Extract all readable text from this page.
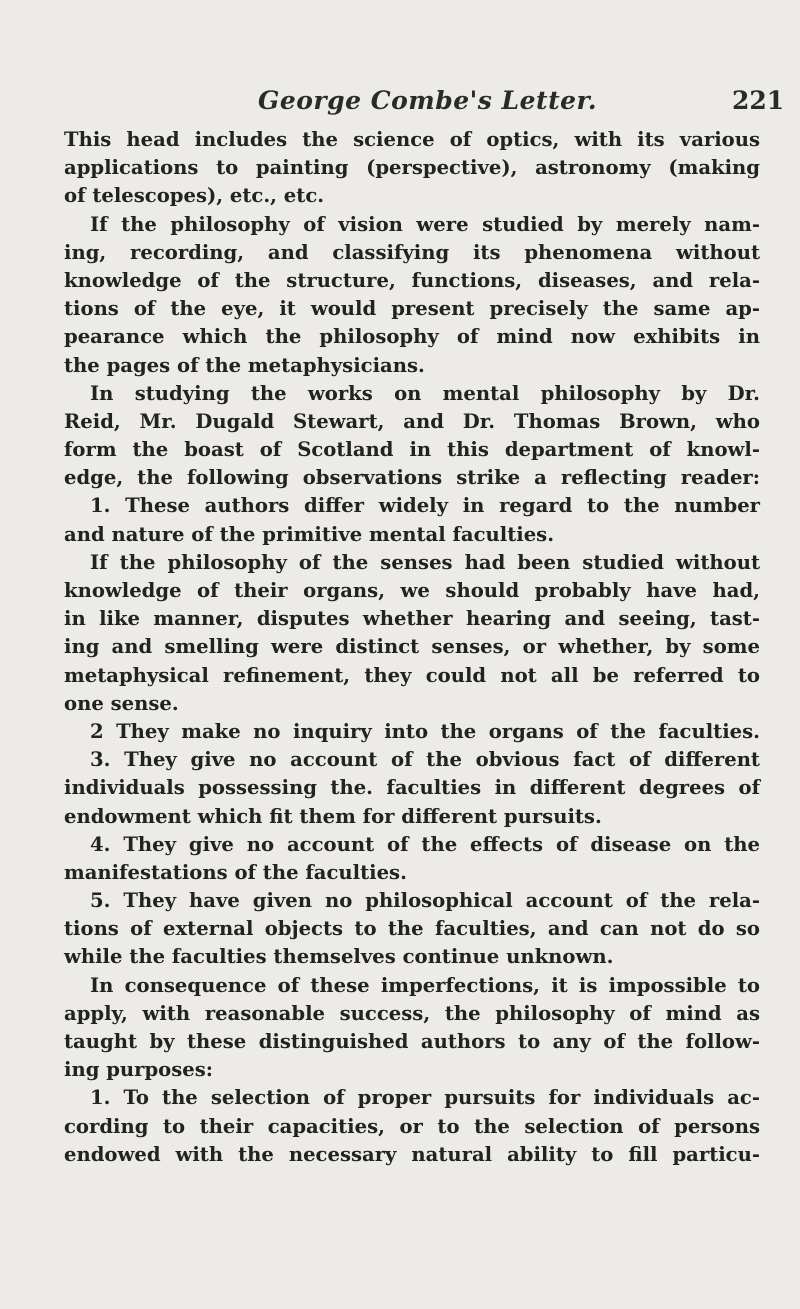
George Combe's Letter.	221
This head includes the science of optics, with its various
applications to painting (perspective), astronomy (making
of telescopes), etc., etc.
If the philosophy of vision were studied by merely nam-
ing, recording, and classifying its phenomena without
knowledge of the structure, functions, diseases, and rela-
tions of the eye, it would present precisely the same ap-
pearance which the philosophy of mind now exhibits in
the pages of the metaphysicians.
In studying the works on mental philosophy by Dr.
Reid, Mr. Dugald Stewart, and Dr. Thomas Brown, who
form the boast of Scotland in this department of knowl-
edge, the following observations strike a reflecting reader:
1. These authors differ widely in regard to the number
and nature of the primitive mental faculties.
If the philosophy of the senses had been studied without
knowledge of their organs, we should probably have had,
in like manner, disputes whether hearing and seeing, tast-
ing and smelling were distinct senses, or whether, by some
metaphysical refinement, they could not all be referred to
one sense.
2 They make no inquiry into the organs of the faculties.
3. They give no account of the obvious fact of different
individuals possessing the. faculties in different degrees of
endowment which fit them for different pursuits.
4. They give no account of the effects of disease on the
manifestations of the faculties.
5. They have given no philosophical account of the rela-
tions of external objects to the faculties, and can not do so
while the faculties themselves continue unknown.
In consequence of these imperfections, it is impossible to
apply, with reasonable success, the philosophy of mind as
taught by these distinguished authors to any of the follow-
ing purposes:
1. To the selection of proper pursuits for individuals ac-
cording to their capacities, or to the selection of persons
endowed with the necessary natural ability to fill particu-
